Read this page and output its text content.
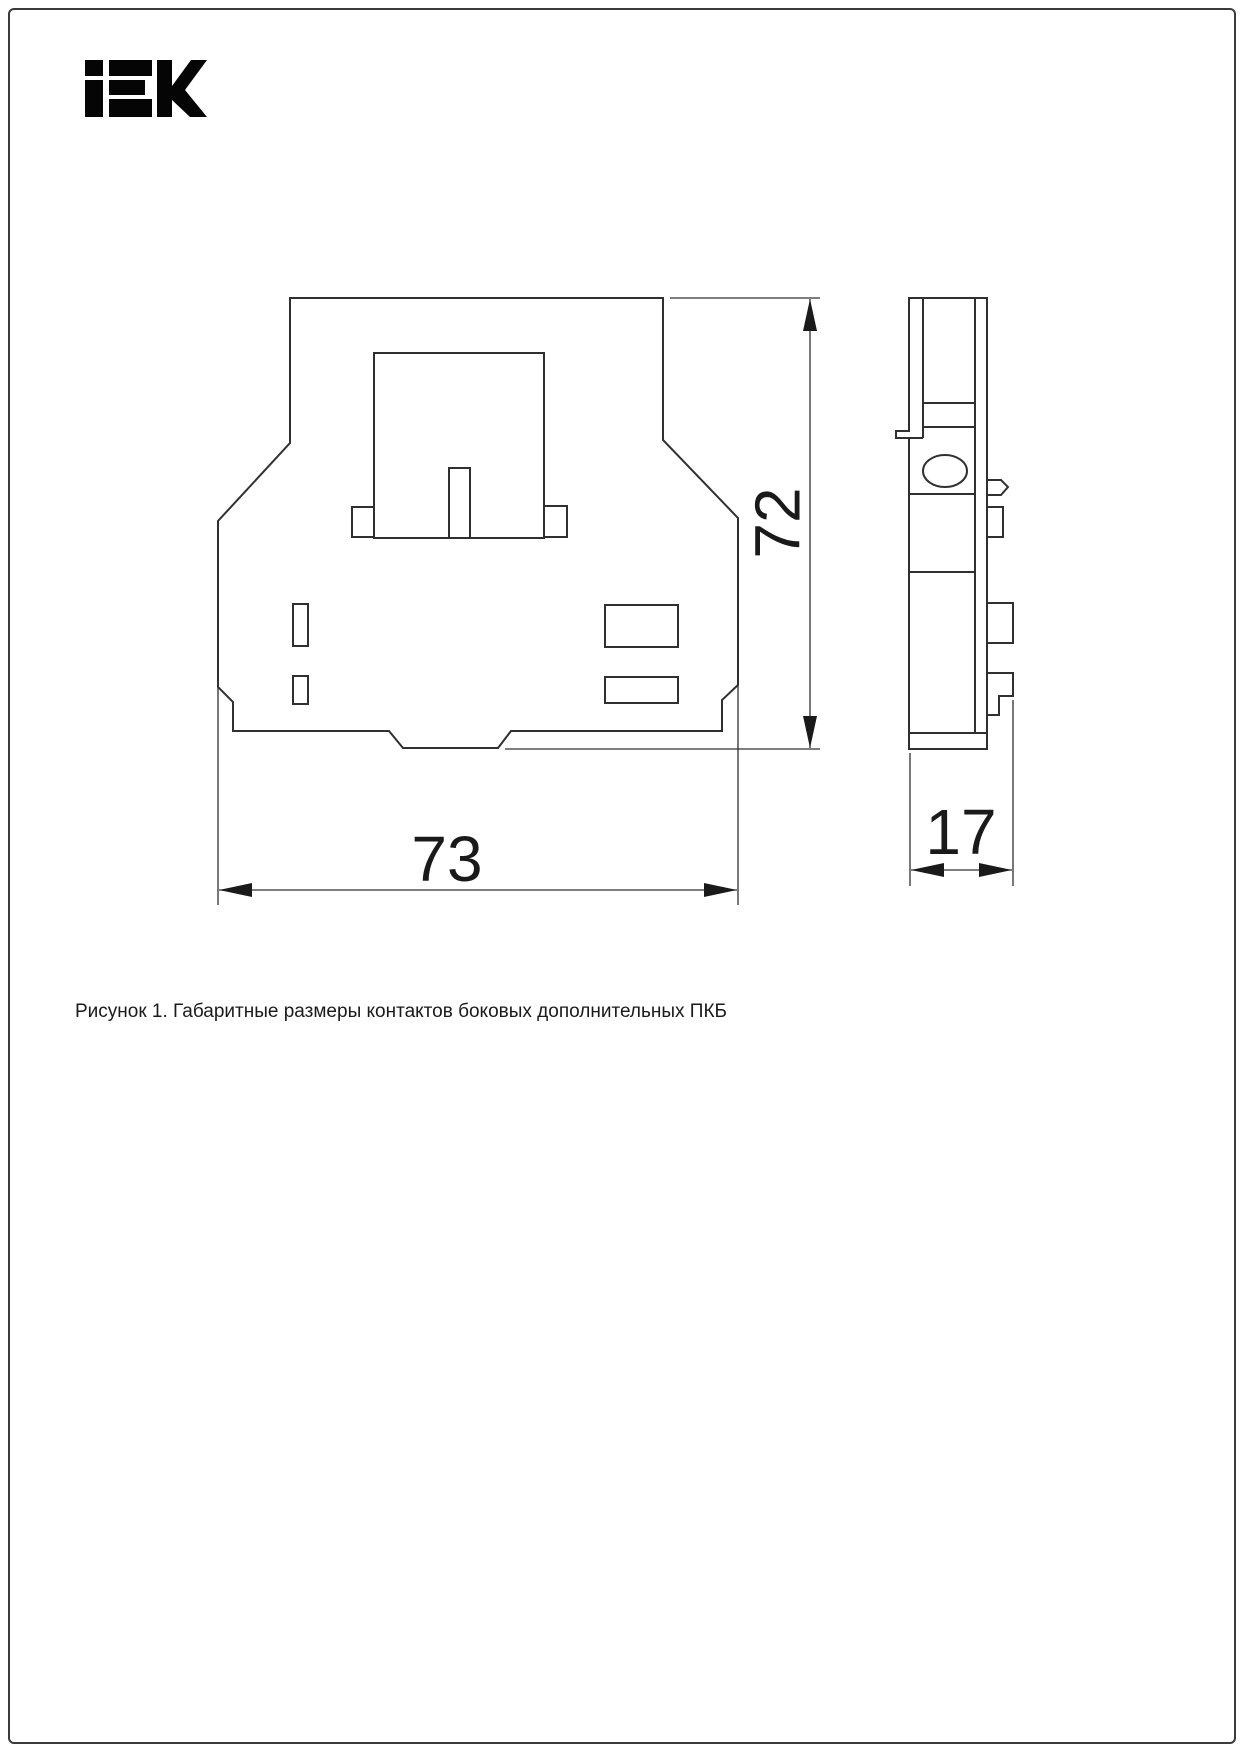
72
73	17
Рисунок 1. Габаритные размеры контактов боковых дополнительных ПКБ
